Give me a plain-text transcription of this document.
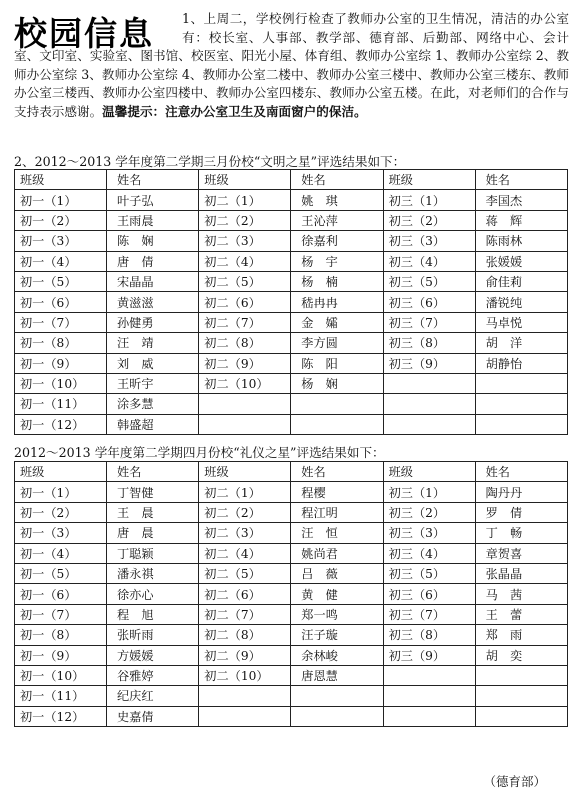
校园信息	1、上周二，学校例行检查了教师办公室的卫生情况，清洁的办公室有：校长室、人事部、教学部、德育部、后勤部、网络中心、会计室、文印室、实验室、图书馆、校医室、阳光小屋、体育组、教师办公室综 1、教师办公室综 2、教师办公室综 3、教师办公室综 4、教师办公室二楼中、教师办公室三楼中、教师办公室三楼东、教师办公室三楼西、教师办公室四楼中、教师办公室四楼东、教师办公室五楼。在此，对老师们的合作与支持表示感谢。温馨提示：注意办公室卫生及南面窗户的保洁。
2、2012～2013 学年度第二学期三月份校“文明之星”评选结果如下：
班级	姓名	班级	姓名	班级	姓名
初一（1）	叶子弘	初二（1）	姚　琪	初三（1）	李国杰
初一（2）	王雨晨	初二（2）	王沁萍	初三（2）	蒋　辉
初一（3）	陈　娴	初二（3）	徐嘉利	初三（3）	陈雨林
初一（4）	唐　倩	初二（4）	杨　宇	初三（4）	张媛媛
初一（5）	宋晶晶	初二（5）	杨　楠	初三（5）	俞佳莉
初一（6）	黄滋滋	初二（6）	嵇冉冉	初三（6）	潘锐纯
初一（7）	孙健勇	初二（7）	金　孀	初三（7）	马卓悦
初一（8）	汪　靖	初二（8）	李方圆	初三（8）	胡　洋
初一（9）	刘　威	初二（9）	陈　阳	初三（9）	胡静怡
初一（10）	王昕宇	初二（10）	杨　娴		
初一（11）	涂多慧				
初一（12）	韩盛超				
2012～2013 学年度第二学期四月份校“礼仪之星”评选结果如下：
班级	姓名	班级	姓名	班级	姓名
初一（1）	丁智健	初二（1）	程樱	初三（1）	陶丹丹
初一（2）	王　晨	初二（2）	程江明	初三（2）	罗　倩
初一（3）	唐　晨	初二（3）	汪　恒	初三（3）	丁　畅
初一（4）	丁聪颖	初二（4）	姚尚君	初三（4）	章贺喜
初一（5）	潘永祺	初二（5）	吕　薇	初三（5）	张晶晶
初一（6）	徐亦心	初二（6）	黄　健	初三（6）	马　茜
初一（7）	程　旭	初二（7）	郑一鸣	初三（7）	王　蕾
初一（8）	张昕雨	初二（8）	汪子璇	初三（8）	郑　雨
初一（9）	方媛媛	初二（9）	余林峻	初三（9）	胡　奕
初一（10）	谷雅婷	初二（10）	唐恩慧		
初一（11）	纪庆红				
初一（12）	史嘉倩				
（德育部）
